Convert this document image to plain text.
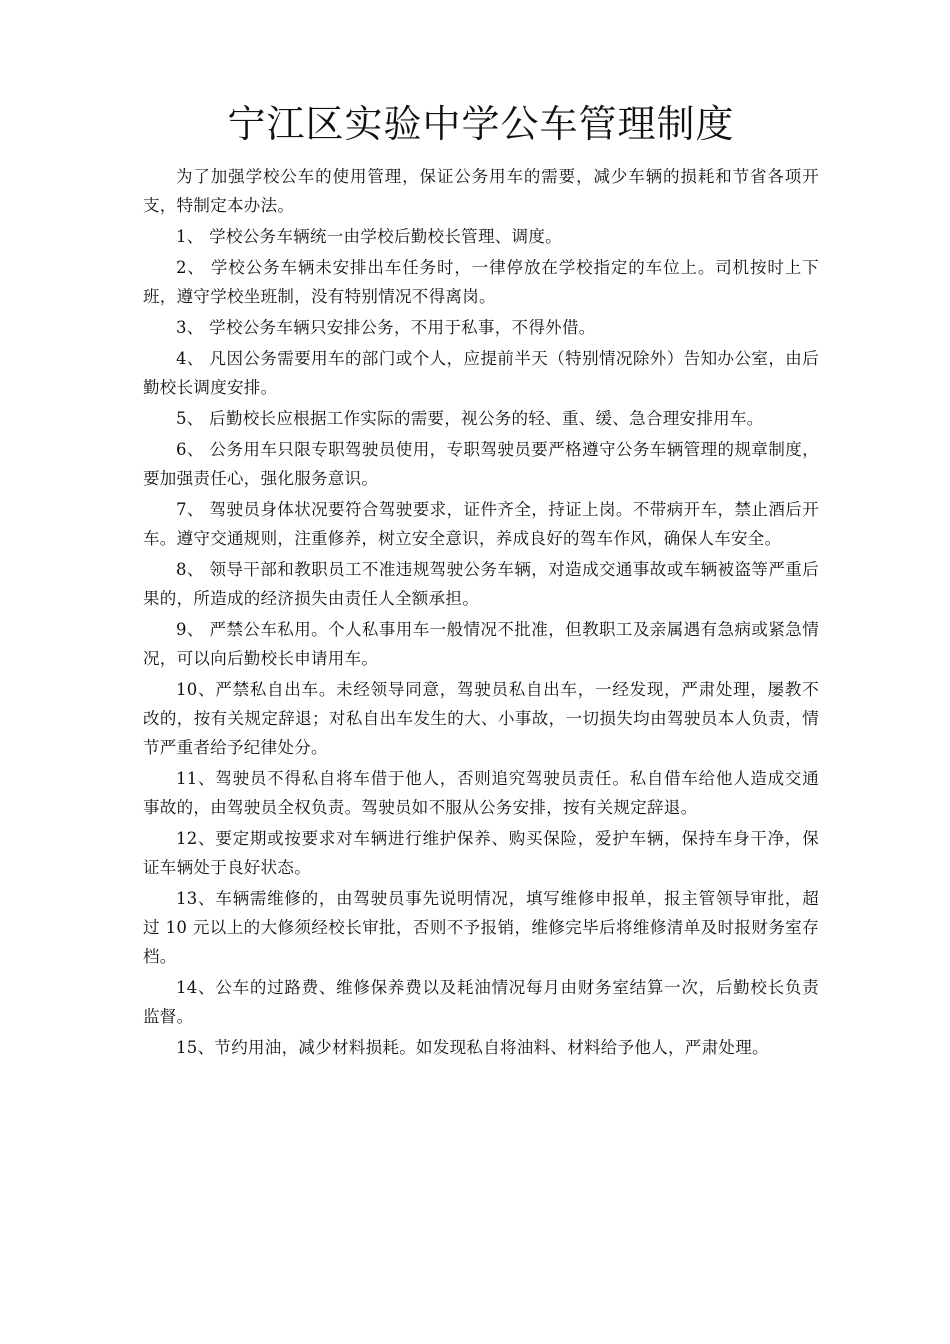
宁江区实验中学公车管理制度

为了加强学校公车的使用管理，保证公务用车的需要，减少车辆的损耗和节省各项开支，特制定本办法。

1、 学校公务车辆统一由学校后勤校长管理、调度。

2、 学校公务车辆未安排出车任务时，一律停放在学校指定的车位上。司机按时上下班，遵守学校坐班制，没有特别情况不得离岗。

3、 学校公务车辆只安排公务，不用于私事，不得外借。

4、 凡因公务需要用车的部门或个人，应提前半天（特别情况除外）告知办公室，由后勤校长调度安排。

5、 后勤校长应根据工作实际的需要，视公务的轻、重、缓、急合理安排用车。

6、 公务用车只限专职驾驶员使用，专职驾驶员要严格遵守公务车辆管理的规章制度，要加强责任心，强化服务意识。

7、 驾驶员身体状况要符合驾驶要求，证件齐全，持证上岗。不带病开车，禁止酒后开车。遵守交通规则，注重修养，树立安全意识，养成良好的驾车作风，确保人车安全。

8、 领导干部和教职员工不准违规驾驶公务车辆，对造成交通事故或车辆被盗等严重后果的，所造成的经济损失由责任人全额承担。

9、 严禁公车私用。个人私事用车一般情况不批准，但教职工及亲属遇有急病或紧急情况，可以向后勤校长申请用车。

10、严禁私自出车。未经领导同意，驾驶员私自出车，一经发现，严肃处理，屡教不改的，按有关规定辞退；对私自出车发生的大、小事故，一切损失均由驾驶员本人负责，情节严重者给予纪律处分。

11、驾驶员不得私自将车借于他人，否则追究驾驶员责任。私自借车给他人造成交通事故的，由驾驶员全权负责。驾驶员如不服从公务安排，按有关规定辞退。

12、要定期或按要求对车辆进行维护保养、购买保险，爱护车辆，保持车身干净，保证车辆处于良好状态。

13、车辆需维修的，由驾驶员事先说明情况，填写维修申报单，报主管领导审批，超过 10 元以上的大修须经校长审批，否则不予报销，维修完毕后将维修清单及时报财务室存档。

14、公车的过路费、维修保养费以及耗油情况每月由财务室结算一次，后勤校长负责监督。

15、节约用油，减少材料损耗。如发现私自将油料、材料给予他人，严肃处理。
